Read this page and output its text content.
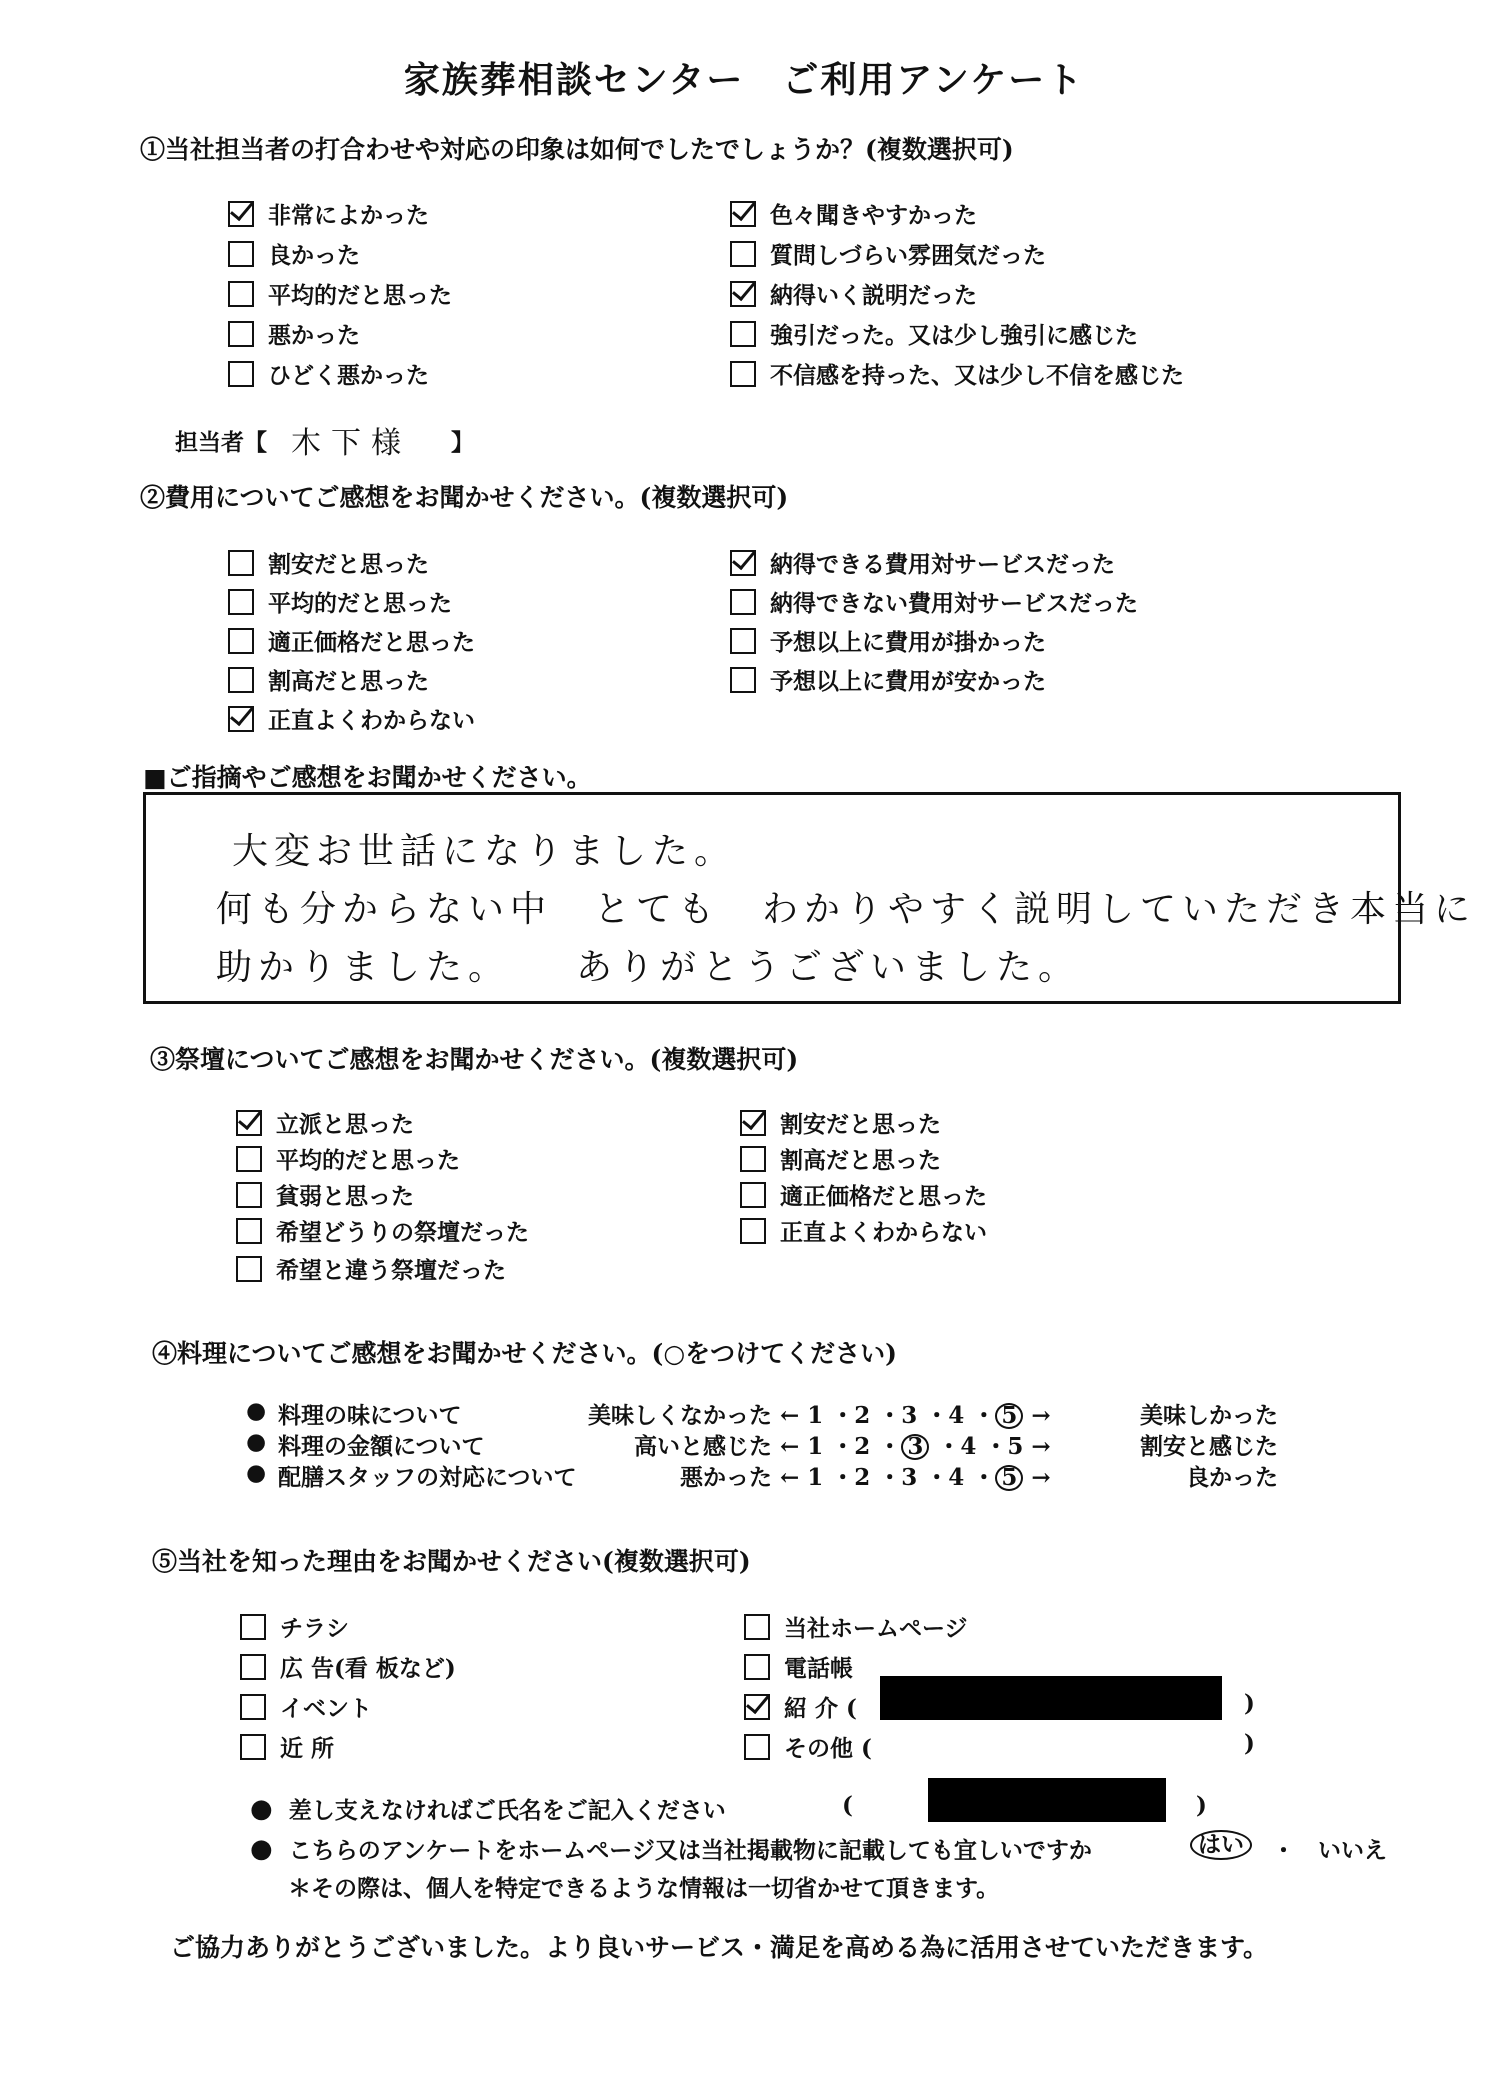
家族葬相談センター　ご利用アンケート
①当社担当者の打合わせや対応の印象は如何でしたでしょうか？(複数選択可)
非常によかった
良かった
平均的だと思った
悪かった
ひどく悪かった
色々聞きやすかった
質問しづらい雰囲気だった
納得いく説明だった
強引だった。又は少し強引に感じた
不信感を持った、又は少し不信を感じた
担当者【 木下様 】
②費用についてご感想をお聞かせください。(複数選択可)
割安だと思った
平均的だと思った
適正価格だと思った
割高だと思った
正直よくわからない
納得できる費用対サービスだった
納得できない費用対サービスだった
予想以上に費用が掛かった
予想以上に費用が安かった
■ご指摘やご感想をお聞かせください。
大変お世話になりました。
何も分からない中　とても　わかりやすく説明していただき本当に
助かりました。　　ありがとうございました。
③祭壇についてご感想をお聞かせください。(複数選択可)
立派と思った
平均的だと思った
貧弱と思った
希望どうりの祭壇だった
希望と違う祭壇だった
割安だと思った
割高だと思った
適正価格だと思った
正直よくわからない
④料理についてご感想をお聞かせください。(○をつけてください)
● 料理の味について	美味しくなかった ← 1 ・2 ・3 ・4 ・ 5 →	美味しかった
● 料理の金額について	高いと感じた ← 1 ・2 ・ 3 ・4 ・5 →	割安と感じた
● 配膳スタッフの対応について	悪かった ← 1 ・2 ・3 ・4 ・ 5 →	良かった
⑤当社を知った理由をお聞かせください(複数選択可)
チラシ
広 告(看 板など)
イベント
近 所
当社ホームページ
電話帳
紹 介 (
その他 (
)
)
● 差し支えなければご氏名をご記入ください	(	)
● こちらのアンケートをホームページ又は当社掲載物に記載しても宜しいですか	はい	・ いいえ
＊その際は、個人を特定できるような情報は一切省かせて頂きます。
ご協力ありがとうございました。より良いサービス・満足を高める為に活用させていただきます。
